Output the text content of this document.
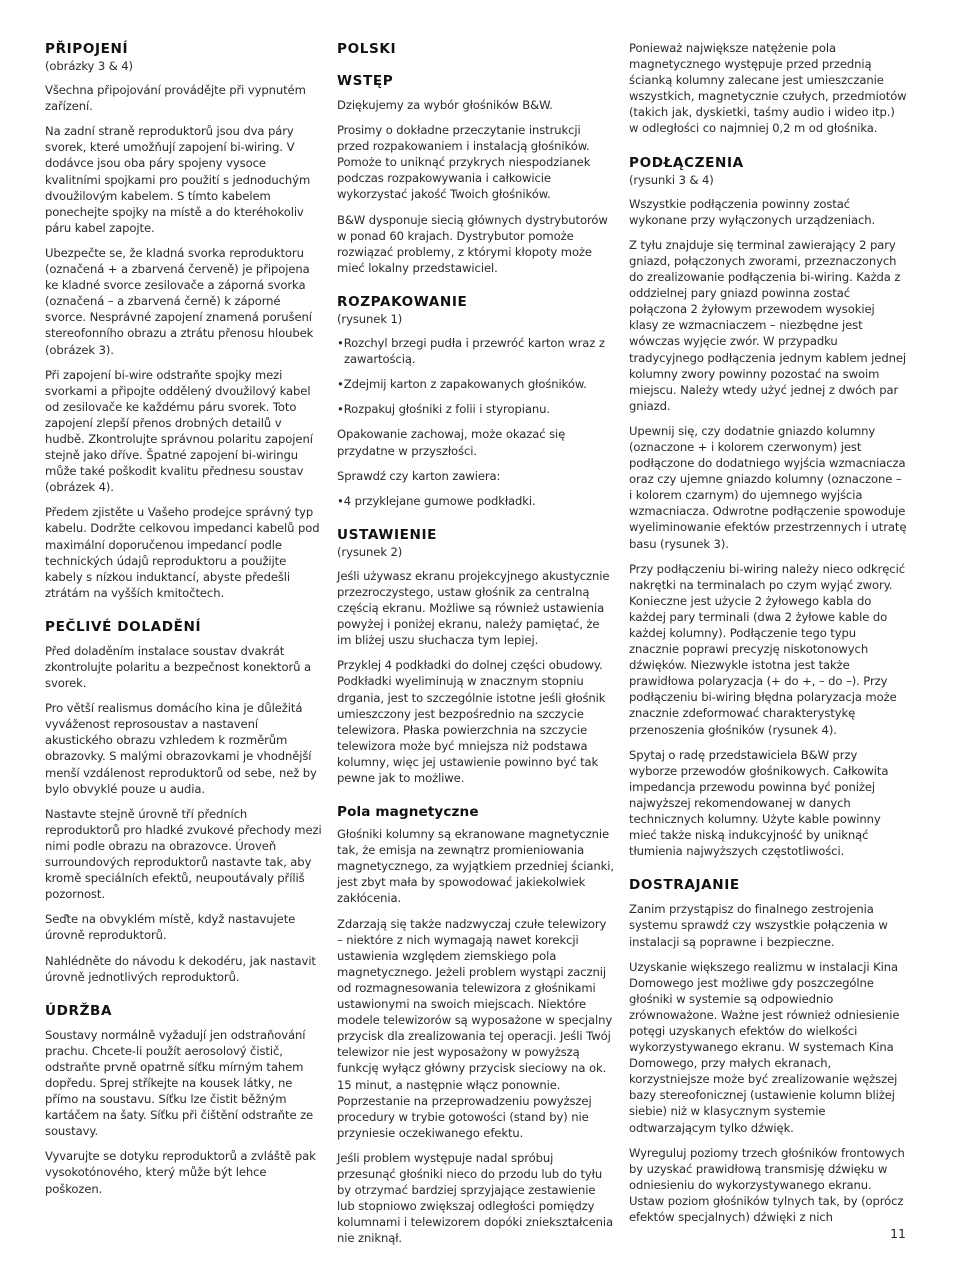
PŘIPOJENÍ

(obrázky 3 & 4)

Všechna připojování provádějte při vypnutém zařízení.

Na zadní straně reproduktorů jsou dva páry svorek, které umožňují zapojení bi-wiring. V dodávce jsou oba páry spojeny vysoce kvalitními spojkami pro použití s jednoduchým dvoužilovým kabelem. S tímto kabelem ponechejte spojky na místě a do kteréhokoliv páru kabel zapojte.

Ubezpečte se, že kladná svorka reproduktoru (označená + a zbarvená červeně) je připojena ke kladné svorce zesilovače a záporná svorka (označená – a zbarvená černě) k záporné svorce. Nesprávné zapojení znamená porušení stereofonního obrazu a ztrátu přenosu hloubek (obrázek 3).

Při zapojení bi-wire odstraňte spojky mezi svorkami a připojte oddělený dvoužilový kabel od zesilovače ke každému páru svorek. Toto zapojení zlepší přenos drobných detailů v hudbě. Zkontrolujte správnou polaritu zapojení stejně jako dříve. Špatné zapojení bi-wiringu může také poškodit kvalitu přednesu soustav (obrázek 4).

Předem zjistěte u Vašeho prodejce správný typ kabelu. Dodržte celkovou impedanci kabelů pod maximální doporučenou impedancí podle technických údajů reproduktoru a použijte kabely s nízkou induktancí, abyste předešli ztrátám na vyšších kmitočtech.

PEČLIVÉ DOLADĚNÍ

Před doladěním instalace soustav dvakrát zkontrolujte polaritu a bezpečnost konektorů a svorek.

Pro větší realismus domácího kina je důležitá vyváženost reprosoustav a nastavení akustického obrazu vzhledem k rozměrům obrazovky. S malými obrazovkami je vhodnější menší vzdálenost reproduktorů od sebe, než by bylo obvyklé pouze u audia.

Nastavte stejně úrovně tří předních reproduktorů pro hladké zvukové přechody mezi nimi podle obrazu na obrazovce. Úroveň surroundových reproduktorů nastavte tak, aby kromě speciálních efektů, neupoutávaly příliš pozornost.

Seďte na obvyklém místě, když nastavujete úrovně reproduktorů.

Nahlédněte do návodu k dekodéru, jak nastavit úrovně jednotlivých reproduktorů.

ÚDRŽBA

Soustavy normálně vyžadují jen odstraňování prachu. Chcete-li použít aerosolový čistič, odstraňte prvně opatrně síťku mírným tahem dopředu. Sprej stříkejte na kousek látky, ne přímo na soustavu. Síťku lze čistit běžným kartáčem na šaty. Síťku při čištění odstraňte ze soustavy.

Vyvarujte se dotyku reproduktorů a zvláště pak vysokotónového, který může být lehce poškozen.

POLSKI
WSTĘP

Dziękujemy za wybór głośników B&W.

Prosimy o dokładne przeczytanie instrukcji przed rozpakowaniem i instalacją głośników. Pomoże to uniknąć przykrych niespodzianek podczas rozpakowywania i całkowicie wykorzystać jakość Twoich głośników.

B&W dysponuje siecią głównych dystrybutorów w ponad 60 krajach. Dystrybutor pomoże rozwiązać problemy, z którymi kłopoty może mieć lokalny przedstawiciel.

ROZPAKOWANIE

(rysunek 1)

•Rozchyl brzegi pudła i przewróć karton wraz z zawartością.
•Zdejmij karton z zapakowanych głośników.
•Rozpakuj głośniki z folii i styropianu.

Opakowanie zachowaj, może okazać się przydatne w przyszłości.

Sprawdź czy karton zawiera:

•4 przyklejane gumowe podkładki.
USTAWIENIE

(rysunek 2)

Jeśli używasz ekranu projekcyjnego akustycznie przezroczystego, ustaw głośnik za centralną częścią ekranu. Możliwe są również ustawienia powyżej i poniżej ekranu, należy pamiętać, że im bliżej uszu słuchacza tym lepiej.

Przyklej 4 podkładki do dolnej części obudowy. Podkładki wyeliminują w znacznym stopniu drgania, jest to szczególnie istotne jeśli głośnik umieszczony jest bezpośrednio na szczycie telewizora. Płaska powierzchnia na szczycie telewizora może być mniejsza niż podstawa kolumny, więc jej ustawienie powinno być tak pewne jak to możliwe.

Pola magnetyczne

Głośniki kolumny są ekranowane magnetycznie tak, że emisja na zewnątrz promieniowania magnetycznego, za wyjątkiem przedniej ścianki, jest zbyt mała by spowodować jakiekolwiek zakłócenia.

Zdarzają się także nadzwyczaj czułe telewizory – niektóre z nich wymagają nawet korekcji ustawienia względem ziemskiego pola magnetycznego. Jeżeli problem wystąpi zacznij od rozmagnesowania telewizora z głośnikami ustawionymi na swoich miejscach. Niektóre modele telewizorów są wyposażone w specjalny przycisk dla zrealizowania tej operacji. Jeśli Twój telewizor nie jest wyposażony w powyższą funkcję wyłącz główny przycisk sieciowy na ok. 15 minut, a następnie włącz ponownie. Poprzestanie na przeprowadzeniu powyższej procedury w trybie gotowości (stand by) nie przyniesie oczekiwanego efektu.

Jeśli problem występuje nadal spróbuj przesunąć głośniki nieco do przodu lub do tyłu by otrzymać bardziej sprzyjające zestawienie lub stopniowo zwiększaj odległości pomiędzy kolumnami i telewizorem dopóki zniekształcenia nie zniknął.

Ponieważ największe natężenie pola magnetycznego występuje przed przednią ścianką kolumny zalecane jest umieszczanie wszystkich, magnetycznie czułych, przedmiotów (takich jak, dyskietki, taśmy audio i wideo itp.) w odległości co najmniej 0,2 m od głośnika.

PODŁĄCZENIA

(rysunki 3 & 4)

Wszystkie podłączenia powinny zostać wykonane przy wyłączonych urządzeniach.

Z tyłu znajduje się terminal zawierający 2 pary gniazd, połączonych zworami, przeznaczonych do zrealizowanie podłączenia bi-wiring. Każda z oddzielnej pary gniazd powinna zostać połączona 2 żyłowym przewodem wysokiej klasy ze wzmacniaczem – niezbędne jest wówczas wyjęcie zwór. W przypadku tradycyjnego podłączenia jednym kablem jednej kolumny zwory powinny pozostać na swoim miejscu. Należy wtedy użyć jednej z dwóch par gniazd.

Upewnij się, czy dodatnie gniazdo kolumny (oznaczone + i kolorem czerwonym) jest podłączone do dodatniego wyjścia wzmacniacza oraz czy ujemne gniazdo kolumny (oznaczone – i kolorem czarnym) do ujemnego wyjścia wzmacniacza. Odwrotne podłączenie spowoduje wyeliminowanie efektów przestrzennych i utratę basu (rysunek 3).

Przy podłączeniu bi-wiring należy nieco odkręcić nakrętki na terminalach po czym wyjąć zwory. Konieczne jest użycie 2 żyłowego kabla do każdej pary terminali (dwa 2 żyłowe kable do każdej kolumny). Podłączenie tego typu znacznie poprawi precyzję niskotonowych dźwięków. Niezwykle istotna jest także prawidłowa polaryzacja (+ do +, – do –). Przy podłączeniu bi-wiring błędna polaryzacja może znacznie zdeformować charakterystykę przenoszenia głośników (rysunek 4).

Spytaj o radę przedstawiciela B&W przy wyborze przewodów głośnikowych. Całkowita impedancja przewodu powinna być poniżej najwyższej rekomendowanej w danych technicznych kolumny. Użyte kable powinny mieć także niską indukcyjność by uniknąć tłumienia najwyższych częstotliwości.

DOSTRAJANIE

Zanim przystąpisz do finalnego zestrojenia systemu sprawdź czy wszystkie połączenia w instalacji są poprawne i bezpieczne.

Uzyskanie większego realizmu w instalacji Kina Domowego jest możliwe gdy poszczególne głośniki w systemie są odpowiednio zrównoważone. Ważne jest również odniesienie potęgi uzyskanych efektów do wielkości wykorzystywanego ekranu. W systemach Kina Domowego, przy małych ekranach, korzystniejsze może być zrealizowanie węższej bazy stereofonicznej (ustawienie kolumn bliżej siebie) niż w klasycznym systemie odtwarzającym tylko dźwięk.

Wyreguluj poziomy trzech głośników frontowych by uzyskać prawidłową transmisję dźwięku w odniesieniu do wykorzystywanego ekranu. Ustaw poziom głośników tylnych tak, by (oprócz efektów specjalnych) dźwięki z nich

11
